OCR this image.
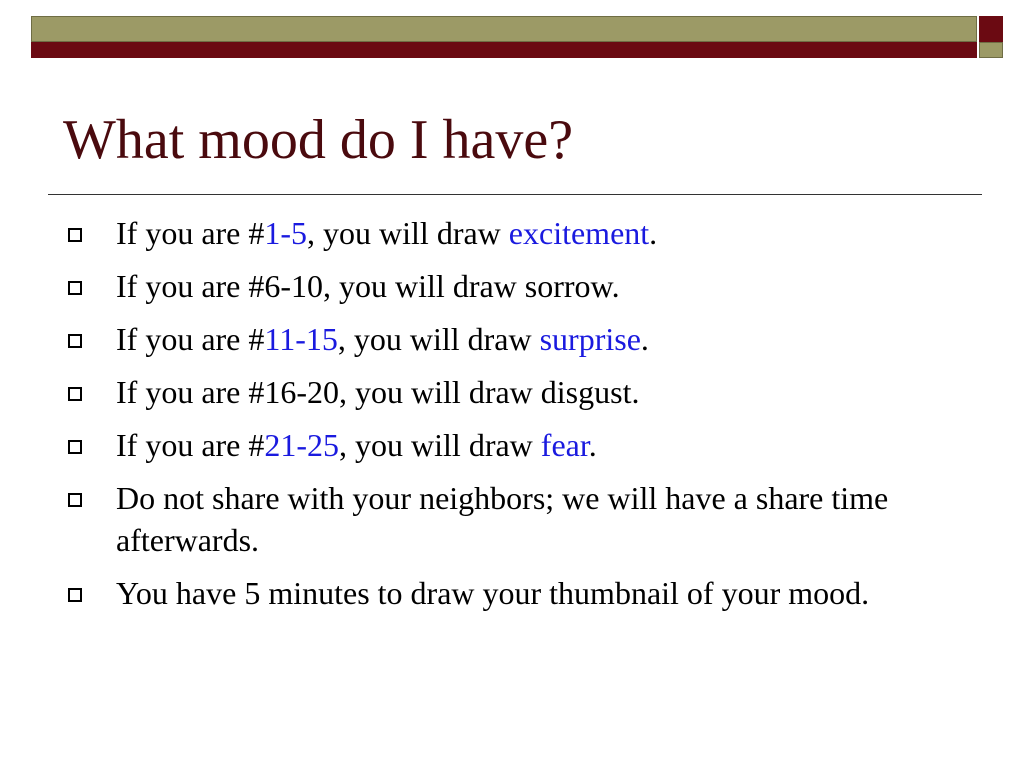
What mood do I have?
If you are #1-5, you will draw excitement.
If you are #6-10, you will draw sorrow.
If you are #11-15, you will draw surprise.
If you are #16-20, you will draw disgust.
If you are #21-25, you will draw fear.
Do not share with your neighbors; we will have a share time afterwards.
You have 5 minutes to draw your thumbnail of your mood.
